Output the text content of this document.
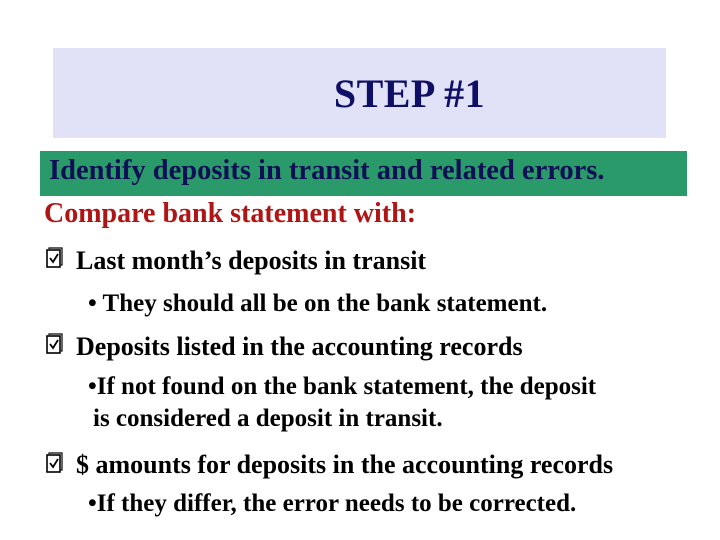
STEP #1
Identify deposits in transit and related errors.
Compare bank statement with:
Last month’s deposits in transit
• They should all be on the bank statement.
Deposits listed in the accounting records
•If not found on the bank statement, the deposit
is considered a deposit in transit.
$ amounts for deposits in the accounting records
•If they differ, the error needs to be corrected.
